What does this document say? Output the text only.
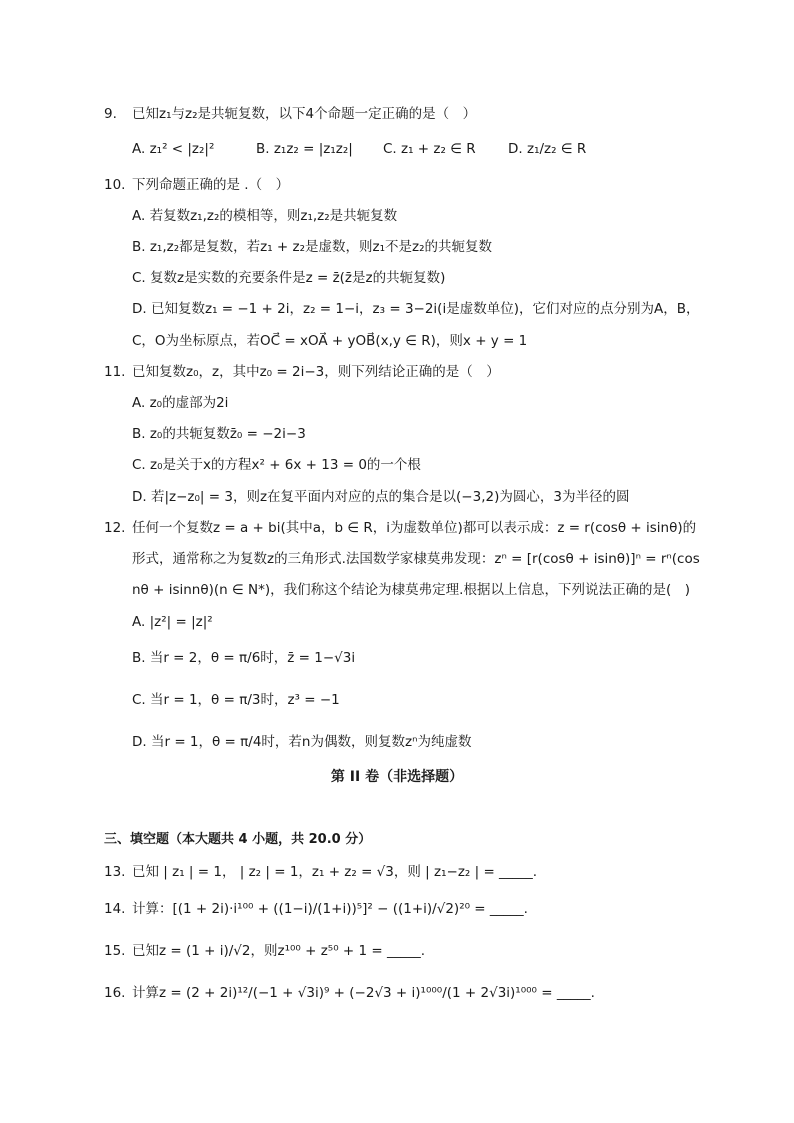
9. 已知z₁与z₂是共轭复数，以下4个命题一定正确的是（　）
A. z₁² < |z₂|²	B. z₁z₂ = |z₁z₂| C. z₁ + z₂ ∈ R D. z₁/z₂ ∈ R
10. 下列命题正确的是 .（　）
A. 若复数z₁,z₂的模相等，则z₁,z₂是共轭复数
B. z₁,z₂都是复数，若z₁ + z₂是虚数，则z₁不是z₂的共轭复数
C. 复数z是实数的充要条件是z = z̄(z̄是z的共轭复数)
D. 已知复数z₁ = −1 + 2i，z₂ = 1−i，z₃ = 3−2i(i是虚数单位)，它们对应的点分别为A，B，
C，O为坐标原点，若OC⃗ = xOA⃗ + yOB⃗(x,y ∈ R)，则x + y = 1
11. 已知复数z₀，z，其中z₀ = 2i−3，则下列结论正确的是（　）
A. z₀的虚部为2i
B. z₀的共轭复数z̄₀ = −2i−3
C. z₀是关于x的方程x² + 6x + 13 = 0的一个根
D. 若|z−z₀| = 3，则z在复平面内对应的点的集合是以(−3,2)为圆心，3为半径的圆
12. 任何一个复数z = a + bi(其中a，b ∈ R，i为虚数单位)都可以表示成：z = r(cosθ + isinθ)的
形式，通常称之为复数z的三角形式.法国数学家棣莫弗发现：zⁿ = [r(cosθ + isinθ)]ⁿ = rⁿ(cos
nθ + isinnθ)(n ∈ N*)，我们称这个结论为棣莫弗定理.根据以上信息，下列说法正确的是(　)
A. |z²| = |z|²
B. 当r = 2，θ = π/6时，z̄ = 1−√3i
C. 当r = 1，θ = π/3时，z³ = −1
D. 当r = 1，θ = π/4时，若n为偶数，则复数zⁿ为纯虚数
第 II 卷（非选择题）
三、填空题（本大题共 4 小题，共 20.0 分）
13. 已知 | z₁ | = 1， | z₂ | = 1，z₁ + z₂ = √3，则 | z₁−z₂ | = _____.
14. 计算：[(1 + 2i)·i¹⁰⁰ + ((1−i)/(1+i))⁵]² − ((1+i)/√2)²⁰ = _____.
15. 已知z = (1 + i)/√2，则z¹⁰⁰ + z⁵⁰ + 1 = _____.
16. 计算z = (2 + 2i)¹²/(−1 + √3i)⁹ + (−2√3 + i)¹⁰⁰⁰/(1 + 2√3i)¹⁰⁰⁰ = _____.
